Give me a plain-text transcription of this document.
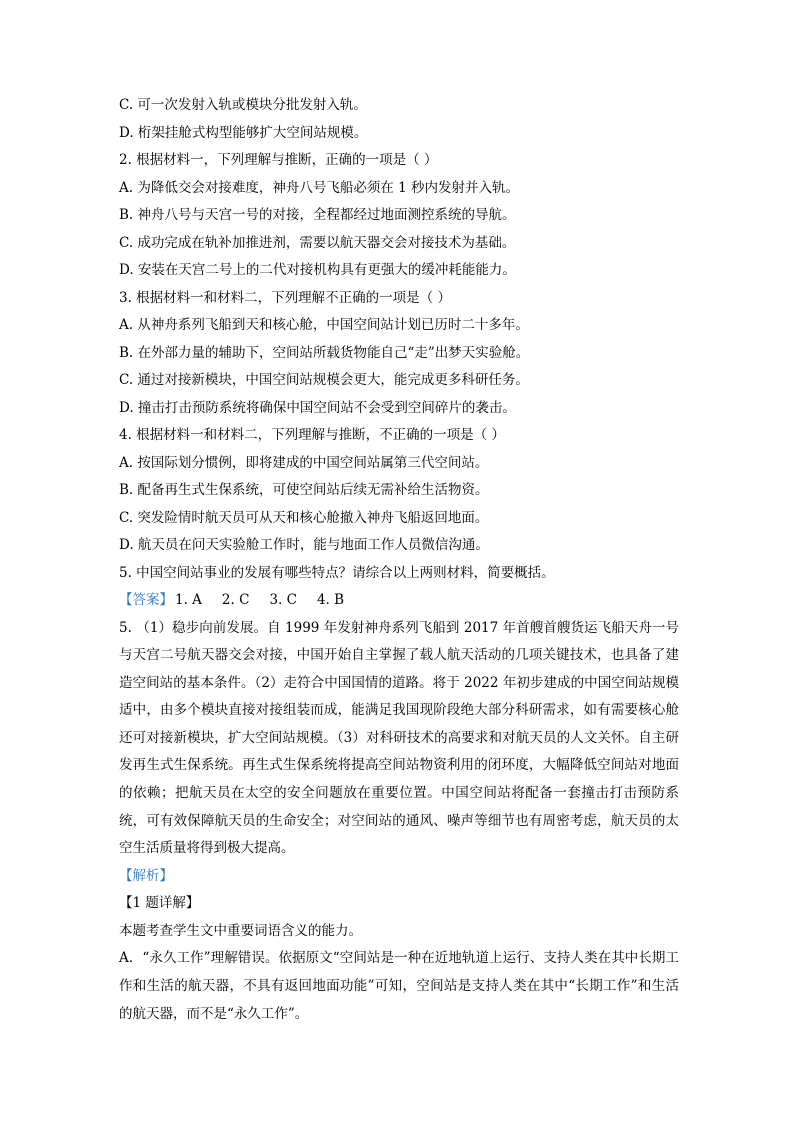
C. 可一次发射入轨或模块分批发射入轨。
D. 桁架挂舱式构型能够扩大空间站规模。
2. 根据材料一，下列理解与推断，正确的一项是（ ）
A. 为降低交会对接难度，神舟八号飞船必须在 1 秒内发射并入轨。
B. 神舟八号与天宫一号的对接，全程都经过地面测控系统的导航。
C. 成功完成在轨补加推进剂，需要以航天器交会对接技术为基础。
D. 安装在天宫二号上的二代对接机构具有更强大的缓冲耗能能力。
3. 根据材料一和材料二，下列理解不正确的一项是（ ）
A. 从神舟系列飞船到天和核心舱，中国空间站计划已历时二十多年。
B. 在外部力量的辅助下，空间站所载货物能自己“走”出梦天实验舱。
C. 通过对接新模块，中国空间站规模会更大，能完成更多科研任务。
D. 撞击打击预防系统将确保中国空间站不会受到空间碎片的袭击。
4. 根据材料一和材料二，下列理解与推断，不正确的一项是（ ）
A. 按国际划分惯例，即将建成的中国空间站属第三代空间站。
B. 配备再生式生保系统，可使空间站后续无需补给生活物资。
C. 突发险情时航天员可从天和核心舱撤入神舟飞船返回地面。
D. 航天员在问天实验舱工作时，能与地面工作人员微信沟通。
5. 中国空间站事业的发展有哪些特点？请综合以上两则材料，简要概括。
【答案】 1. A 2. C 3. C 4. B
5. （1）稳步向前发展。自 1999 年发射神舟系列飞船到 2017 年首艘首艘货运飞船天舟一号与天宫二号航天器交会对接，中国开始自主掌握了载人航天活动的几项关键技术，也具备了建造空间站的基本条件。（2）走符合中国国情的道路。将于 2022 年初步建成的中国空间站规模适中，由多个模块直接对接组装而成，能满足我国现阶段绝大部分科研需求，如有需要核心舱还可对接新模块，扩大空间站规模。（3）对科研技术的高要求和对航天员的人文关怀。自主研发再生式生保系统。再生式生保系统将提高空间站物资利用的闭环度，大幅降低空间站对地面的依赖；把航天员在太空的安全问题放在重要位置。中国空间站将配备一套撞击打击预防系统，可有效保障航天员的生命安全；对空间站的通风、噪声等细节也有周密考虑，航天员的太空生活质量将得到极大提高。
【解析】
【1 题详解】
本题考查学生文中重要词语含义的能力。
A．“永久工作”理解错误。依据原文“空间站是一种在近地轨道上运行、支持人类在其中长期工作和生活的航天器，不具有返回地面功能”可知，空间站是支持人类在其中“长期工作”和生活的航天器，而不是“永久工作”。
